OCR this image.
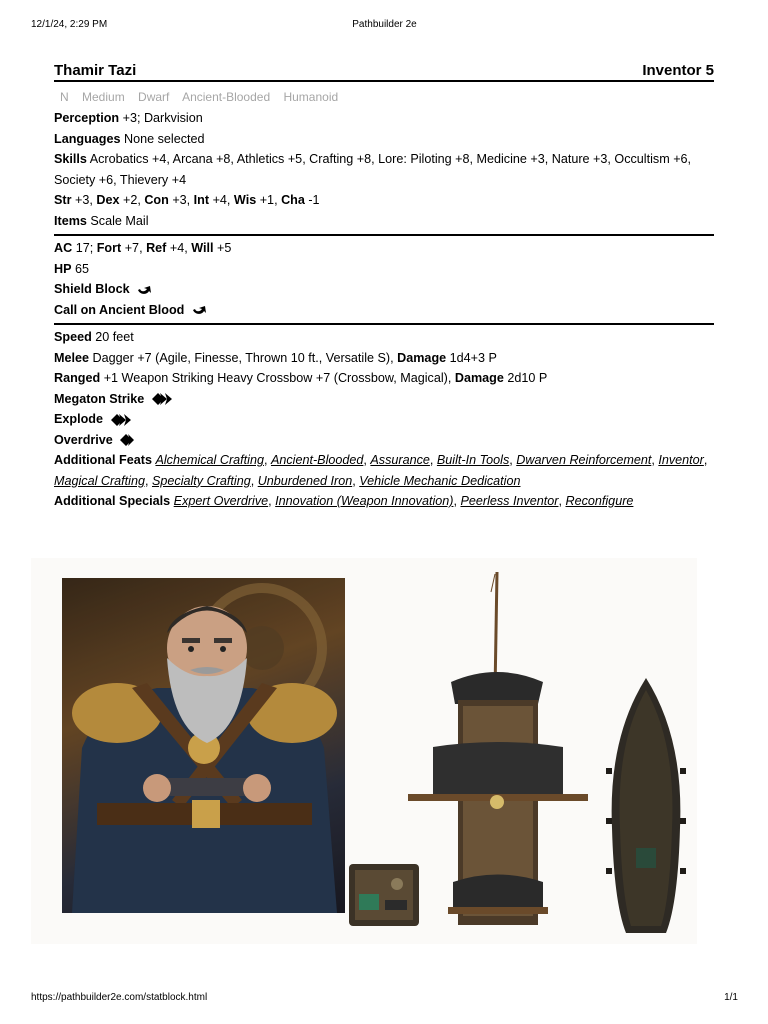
12/1/24, 2:29 PM	Pathbuilder 2e
Thamir Tazi	Inventor 5
N Medium Dwarf Ancient-Blooded Humanoid
Perception +3; Darkvision
Languages None selected
Skills Acrobatics +4, Arcana +8, Athletics +5, Crafting +8, Lore: Piloting +8, Medicine +3, Nature +3, Occultism +6, Society +6, Thievery +4
Str +3, Dex +2, Con +3, Int +4, Wis +1, Cha -1
Items Scale Mail
AC 17; Fort +7, Ref +4, Will +5
HP 65
Shield Block
Call on Ancient Blood
Speed 20 feet
Melee Dagger +7 (Agile, Finesse, Thrown 10 ft., Versatile S), Damage 1d4+3 P
Ranged +1 Weapon Striking Heavy Crossbow +7 (Crossbow, Magical), Damage 2d10 P
Megaton Strike
Explode
Overdrive
Additional Feats Alchemical Crafting, Ancient-Blooded, Assurance, Built-In Tools, Dwarven Reinforcement, Inventor, Magical Crafting, Specialty Crafting, Unburdened Iron, Vehicle Mechanic Dedication
Additional Specials Expert Overdrive, Innovation (Weapon Innovation), Peerless Inventor, Reconfigure
https://pathbuilder2e.com/statblock.html	1/1
